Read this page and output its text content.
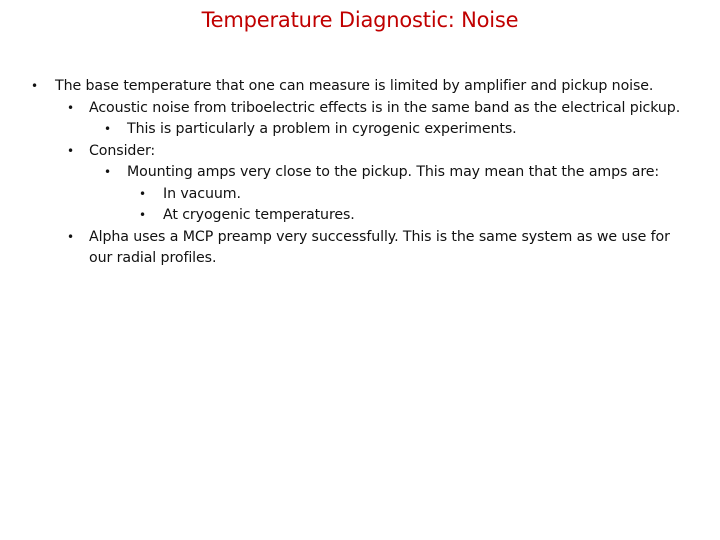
Temperature Diagnostic: Noise
• The base temperature that one can measure is limited by amplifier and pickup noise.
• Acoustic noise from triboelectric effects is in the same band as the electrical pickup.
• This is particularly a problem in cyrogenic experiments.
• Consider:
• Mounting amps very close to the pickup. This may mean that the amps are:
• In vacuum.
• At cryogenic temperatures.
• Alpha uses a MCP preamp very successfully. This is the same system as we use for our radial profiles.
